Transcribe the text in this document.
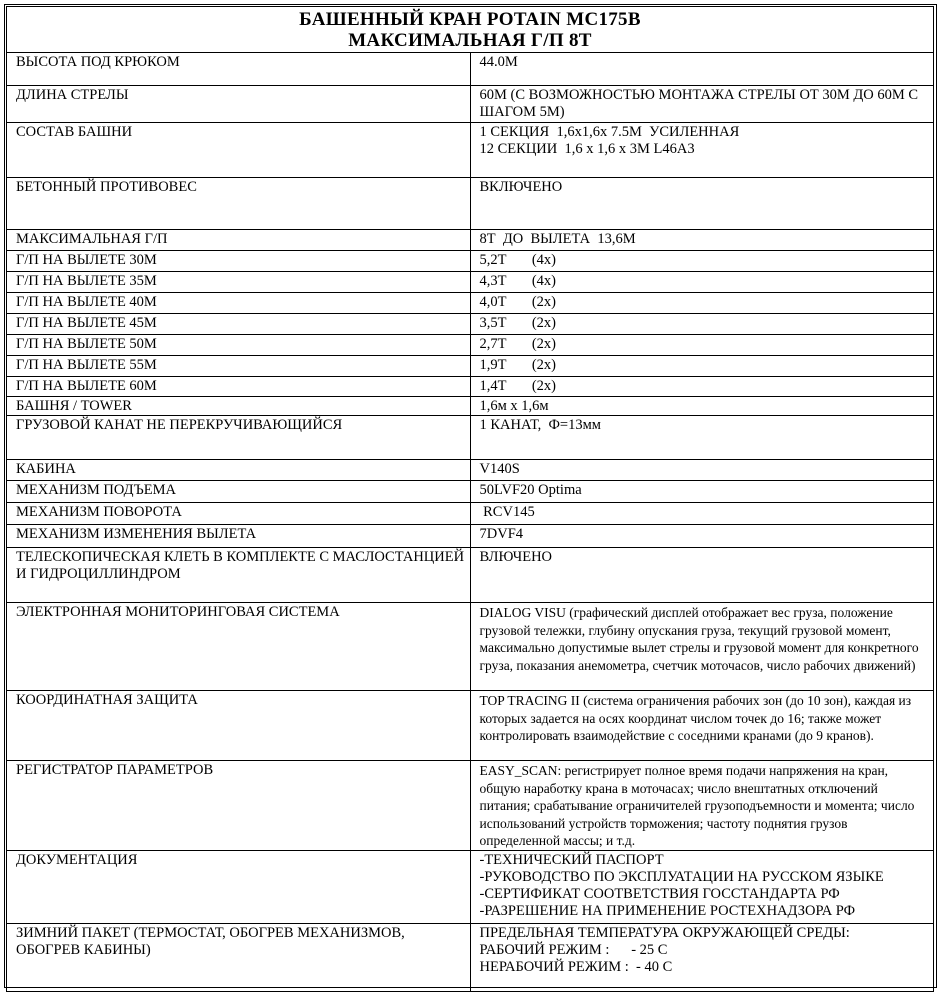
БАШЕННЫЙ КРАН POTAIN MC175B
МАКСИМАЛЬНАЯ Г/П 8Т	

ВЫСОТА ПОД КРЮКОМ	44.0М

ДЛИНА СТРЕЛЫ	60М (С ВОЗМОЖНОСТЬЮ МОНТАЖА СТРЕЛЫ ОТ 30М ДО 60М С ШАГОМ 5М)

СОСТАВ БАШНИ	1 СЕКЦИЯ  1,6х1,6х 7.5М  УСИЛЕННАЯ
12 СЕКЦИИ  1,6 х 1,6 х 3М L46A3

БЕТОННЫЙ ПРОТИВОВЕС	ВКЛЮЧЕНО

МАКСИМАЛЬНАЯ Г/П	8Т  ДО  ВЫЛЕТА  13,6М

Г/П НА ВЫЛЕТЕ 30М	5,2Т       (4х)

Г/П НА ВЫЛЕТЕ 35М	4,3Т       (4х)

Г/П НА ВЫЛЕТЕ 40М	4,0Т       (2х)

Г/П НА ВЫЛЕТЕ 45М	3,5Т       (2х)

Г/П НА ВЫЛЕТЕ 50М	2,7Т       (2х)

Г/П НА ВЫЛЕТЕ 55М	1,9Т       (2х)

Г/П НА ВЫЛЕТЕ 60М	1,4Т       (2х)

БАШНЯ / TOWER	1,6м х 1,6м

ГРУЗОВОЙ КАНАТ НЕ ПЕРЕКРУЧИВАЮЩИЙСЯ	1 КАНАТ,  Ф=13мм

КАБИНА	V140S

МЕХАНИЗМ ПОДЪЕМА	50LVF20 Optima

МЕХАНИЗМ ПОВОРОТА	RCV145

МЕХАНИЗМ ИЗМЕНЕНИЯ ВЫЛЕТА	7DVF4

ТЕЛЕСКОПИЧЕСКАЯ КЛЕТЬ В КОМПЛЕКТЕ С МАСЛОСТАНЦИЕЙ И ГИДРОЦИЛЛИНДРОМ	ВЛЮЧЕНО

ЭЛЕКТРОННАЯ МОНИТОРИНГОВАЯ СИСТЕМА	DIALOG VISU (графический дисплей отображает вес груза, положение грузовой тележки, глубину опускания груза, текущий грузовой момент, максимально допустимые вылет стрелы и грузовой момент для конкретного груза, показания анемометра, счетчик моточасов, число рабочих движений)

КООРДИНАТНАЯ ЗАЩИТА	TOP TRACING II (система ограничения рабочих зон (до 10 зон), каждая из которых задается на осях координат числом точек до 16; также может контролировать взаимодействие с соседними кранами (до 9 кранов).

РЕГИСТРАТОР ПАРАМЕТРОВ	EASY_SCAN: регистрирует полное время подачи напряжения на кран, общую наработку крана в моточасах; число внештатных отключений питания; срабатывание ограничителей грузоподъемности и момента; число использований устройств торможения; частоту поднятия грузов определенной массы; и т.д.

ДОКУМЕНТАЦИЯ	-ТЕХНИЧЕСКИЙ ПАСПОРТ
-РУКОВОДСТВО ПО ЭКСПЛУАТАЦИИ НА РУССКОМ ЯЗЫКЕ
-СЕРТИФИКАТ СООТВЕТСТВИЯ ГОССТАНДАРТА РФ
-РАЗРЕШЕНИЕ НА ПРИМЕНЕНИЕ РОСТЕХНАДЗОРА РФ

ЗИМНИЙ ПАКЕТ (ТЕРМОСТАТ, ОБОГРЕВ МЕХАНИЗМОВ, ОБОГРЕВ КАБИНЫ)	ПРЕДЕЛЬНАЯ ТЕМПЕРАТУРА ОКРУЖАЮЩЕЙ СРЕДЫ:
РАБОЧИЙ РЕЖИМ :      - 25 С
НЕРАБОЧИЙ РЕЖИМ :  - 40 С
